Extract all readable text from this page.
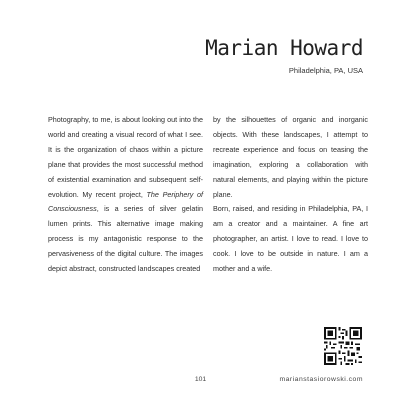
Marian Howard
Philadelphia, PA, USA

Photography, to me, is about looking out into the world and creating a visual record of what I see. It is the organization of chaos within a picture plane that provides the most successful method of existential examination and subsequent self-evolution. My recent project, The Periphery of Consciousness, is a series of silver gelatin lumen prints. This alternative image making process is my antagonistic response to the pervasiveness of the digital culture. The images depict abstract, constructed landscapes created

by the silhouettes of organic and inorganic objects. With these landscapes, I attempt to recreate experience and focus on teasing the imagination, exploring a collaboration with natural elements, and playing within the picture plane.

Born, raised, and residing in Philadelphia, PA, I am a creator and a maintainer. A fine art photographer, an artist. I love to read. I love to cook. I love to be outside in nature. I am a mother and a wife.

101	marianstasiorowski.com
